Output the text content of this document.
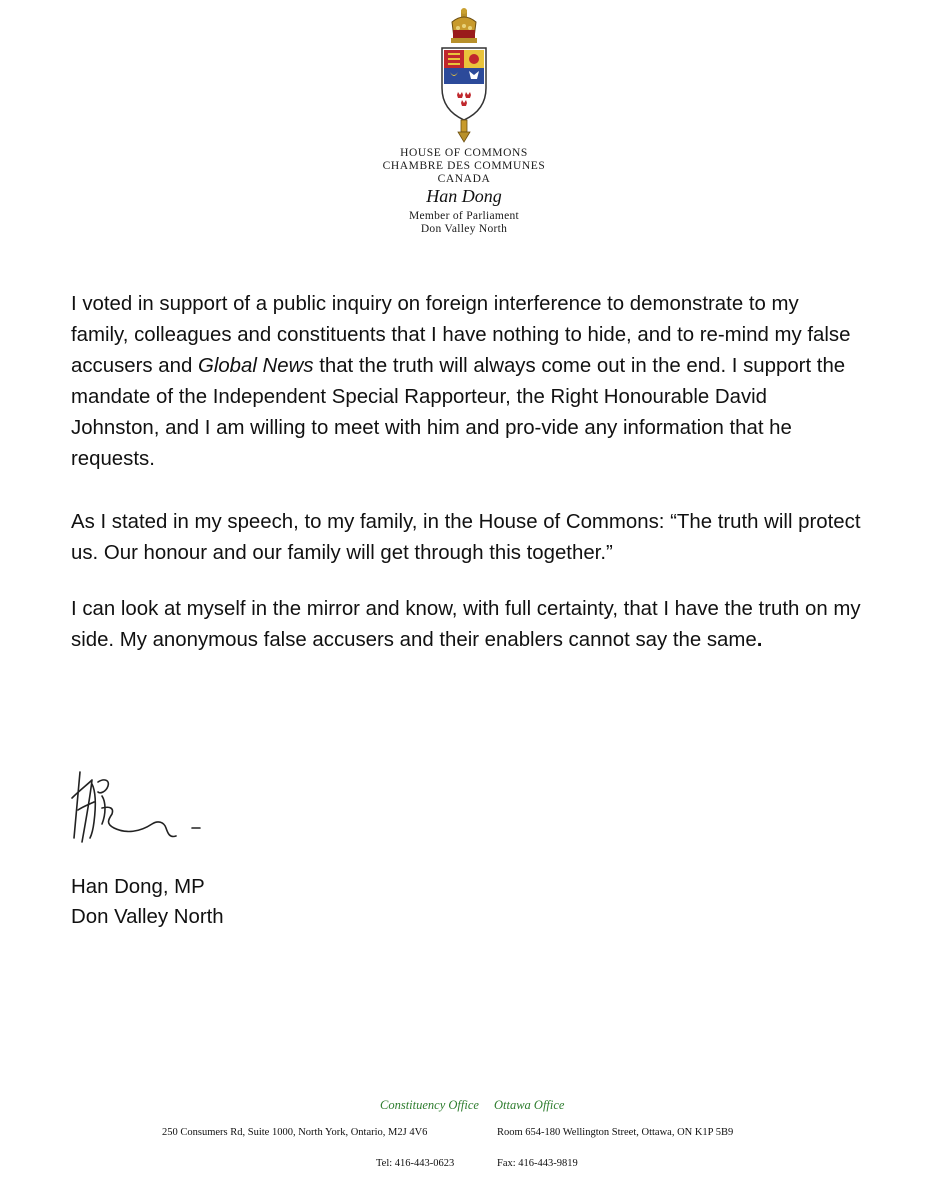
HOUSE OF COMMONS
CHAMBRE DES COMMUNES
CANADA
Han Dong
Member of Parliament
Don Valley North

I voted in support of a public inquiry on foreign interference to demonstrate to my family, colleagues and constituents that I have nothing to hide, and to re-mind my false accusers and Global News that the truth will always come out in the end. I support the mandate of the Independent Special Rapporteur, the Right Honourable David Johnston, and I am willing to meet with him and pro-vide any information that he requests.

As I stated in my speech, to my family, in the House of Commons: “The truth will protect us. Our honour and our family will get through this together.”

I can look at myself in the mirror and know, with full certainty, that I have the truth on my side. My anonymous false accusers and their enablers cannot say the same.

Han Dong, MP
Don Valley North
Constituency Office Ottawa Office
250 Consumers Rd, Suite 1000, North York, Ontario, M2J 4V6	Room 654-180 Wellington Street, Ottawa, ON K1P 5B9
Tel: 416-443-0623	Fax: 416-443-9819
